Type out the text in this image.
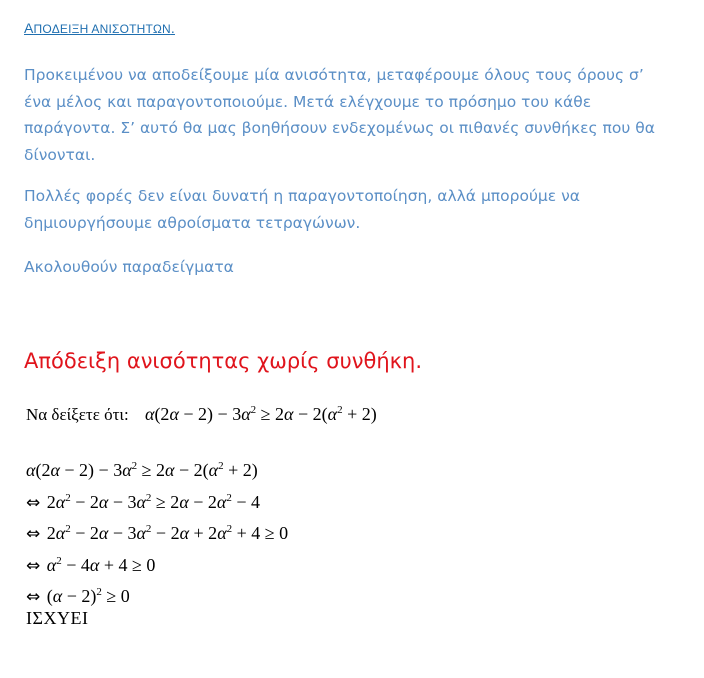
ΑΠΟΔΕΙΞΗ ΑΝΙΣΟΤΗΤΩΝ.

Προκειμένου να αποδείξουμε μία ανισότητα, μεταφέρουμε όλους τους όρους σ’ ένα μέλος και παραγοντοποιούμε. Μετά ελέγχουμε το πρόσημο του κάθε παράγοντα. Σ’ αυτό θα μας βοηθήσουν ενδεχομένως οι πιθανές συνθήκες που θα δίνονται.

Πολλές φορές δεν είναι δυνατή η παραγοντοποίηση, αλλά μπορούμε να δημιουργήσουμε αθροίσματα τετραγώνων.

Ακολουθούν παραδείγματα

Απόδειξη ανισότητας χωρίς συνθήκη.
Να δείξετε ότι: $\alpha(2\alpha - 2) - 3\alpha^2 \ge 2\alpha - 2(\alpha^2 + 2)$
$\alpha(2\alpha - 2) - 3\alpha^2 \ge 2\alpha - 2(\alpha^2 + 2)$
⇔ $2\alpha^2 - 2\alpha - 3\alpha^2 \ge 2\alpha - 2\alpha^2 - 4$
⇔ $2\alpha^2 - 2\alpha - 3\alpha^2 - 2\alpha + 2\alpha^2 + 4 \ge 0$
⇔ $\alpha^2 - 4\alpha + 4 \ge 0$
⇔ $(\alpha - 2)^2 \ge 0$
ΙΣΧΥΕΙ
